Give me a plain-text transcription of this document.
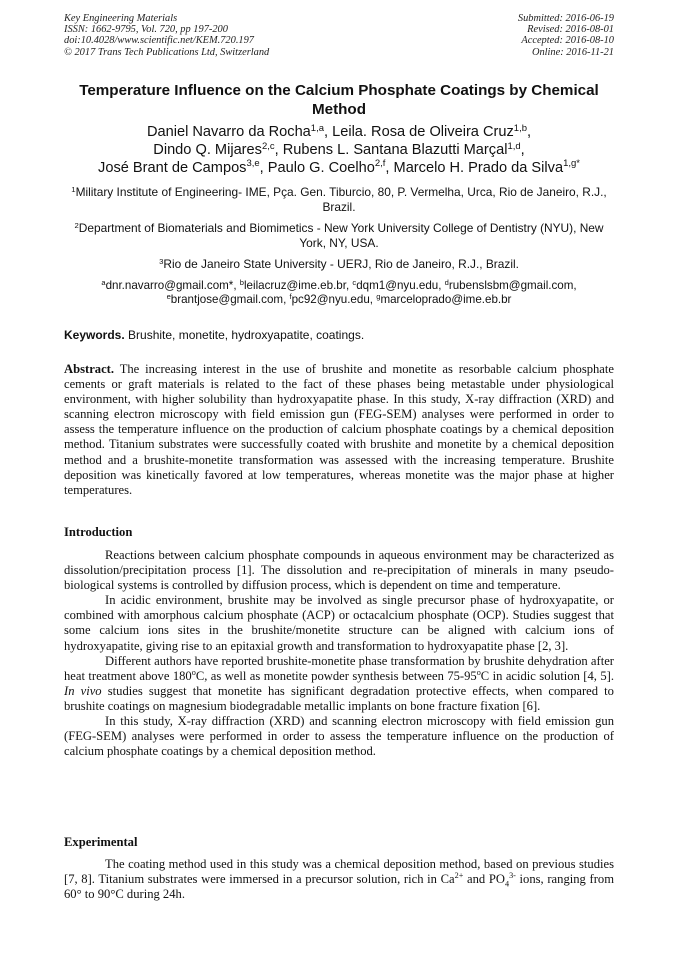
Key Engineering Materials
ISSN: 1662-9795, Vol. 720, pp 197-200
doi:10.4028/www.scientific.net/KEM.720.197
© 2017 Trans Tech Publications Ltd, Switzerland
Submitted: 2016-06-19
Revised: 2016-08-01
Accepted: 2016-08-10
Online: 2016-11-21
Temperature Influence on the Calcium Phosphate Coatings by Chemical Method
Daniel Navarro da Rocha$^{1,a}$, Leila. Rosa de Oliveira Cruz$^{1,b}$,
Dindo Q. Mijares$^{2,c}$, Rubens L. Santana Blazutti Marçal$^{1,d}$,
José Brant de Campos$^{3,e}$, Paulo G. Coelho$^{2,f}$, Marcelo H. Prado da Silva$^{1,g*}$
$^1$Military Institute of Engineering- IME, Pça. Gen. Tiburcio, 80, P. Vermelha, Urca, Rio de Janeiro, R.J., Brazil.
$^2$Department of Biomaterials and Biomimetics - New York University College of Dentistry (NYU), New York, NY, USA.
$^3$Rio de Janeiro State University - UERJ, Rio de Janeiro, R.J., Brazil.
$^a$dnr.navarro@gmail.com*, $^b$leilacruz@ime.eb.br, $^c$dqm1@nyu.edu, $^d$rubenslsbm@gmail.com,
$^e$brantjose@gmail.com, $^f$pc92@nyu.edu, $^g$marceloprado@ime.eb.br
Keywords. Brushite, monetite, hydroxyapatite, coatings.
Abstract. The increasing interest in the use of brushite and monetite as resorbable calcium phosphate cements or graft materials is related to the fact of these phases being metastable under physiological environment, with higher solubility than hydroxyapatite phase. In this study, X-ray diffraction (XRD) and scanning electron microscopy with field emission gun (FEG-SEM) analyses were performed in order to assess the temperature influence on the production of calcium phosphate coatings by a chemical deposition method. Titanium substrates were successfully coated with brushite and monetite by a chemical deposition method and a brushite-monetite transformation was assessed with the increasing temperature. Brushite deposition was kinetically favored at low temperatures, whereas monetite was the major phase at higher temperatures.
Introduction

Reactions between calcium phosphate compounds in aqueous environment may be characterized as dissolution/precipitation process [1]. The dissolution and re-precipitation of minerals in many pseudo-biological systems is controlled by diffusion process, which is dependent on time and temperature.

In acidic environment, brushite may be involved as single precursor phase of hydroxyapatite, or combined with amorphous calcium phosphate (ACP) or octacalcium phosphate (OCP). Studies suggest that some calcium ions sites in the brushite/monetite structure can be aligned with calcium ions of hydroxyapatite, giving rise to an epitaxial growth and transformation to hydroxyapatite phase [2, 3].

Different authors have reported brushite-monetite phase transformation by brushite dehydration after heat treatment above 180$^o$C, as well as monetite powder synthesis between 75-95$^o$C in acidic solution [4, 5]. In vivo studies suggest that monetite has significant degradation protective effects, when compared to brushite coatings on magnesium biodegradable metallic implants on bone fracture fixation [6].

In this study, X-ray diffraction (XRD) and scanning electron microscopy with field emission gun (FEG-SEM) analyses were performed in order to assess the temperature influence on the production of calcium phosphate coatings by a chemical deposition method.

Experimental

The coating method used in this study was a chemical deposition method, based on previous studies [7, 8]. Titanium substrates were immersed in a precursor solution, rich in $Ca^{2+}$ and $PO_4^{3-}$ ions, ranging from 60° to 90°C during 24h.
